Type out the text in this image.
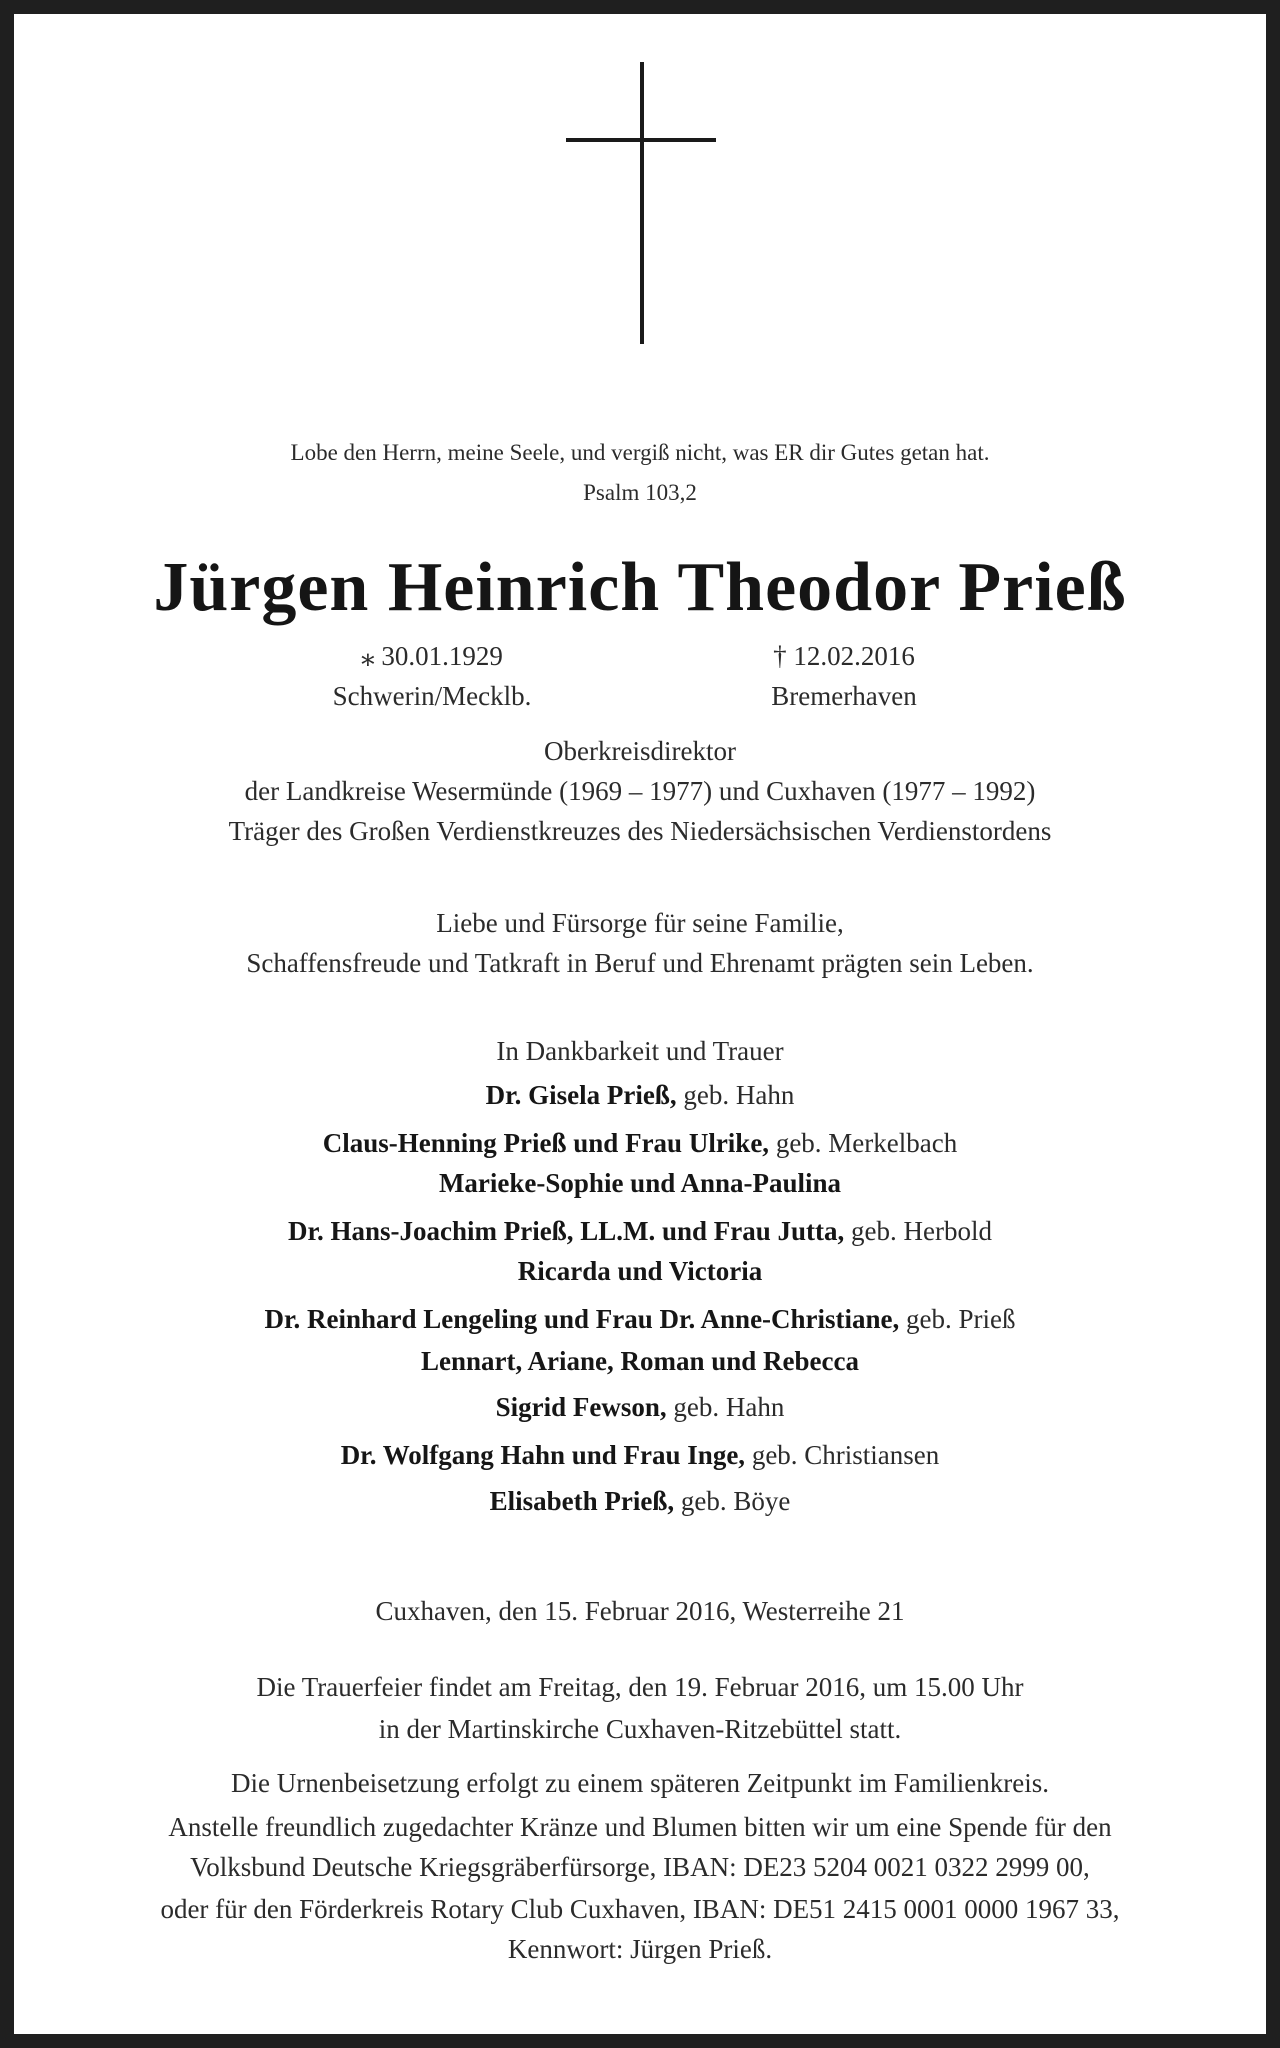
Lobe den Herrn, meine Seele, und vergiß nicht, was ER dir Gutes getan hat.
Psalm 103,2
Jürgen Heinrich Theodor Prieß
⁎ 30.01.1929
Schwerin/Mecklb.
† 12.02.2016
Bremerhaven
Oberkreisdirektor
der Landkreise Wesermünde (1969 – 1977) und Cuxhaven (1977 – 1992)
Träger des Großen Verdienstkreuzes des Niedersächsischen Verdienstordens
Liebe und Fürsorge für seine Familie,
Schaffensfreude und Tatkraft in Beruf und Ehrenamt prägten sein Leben.
In Dankbarkeit und Trauer
Dr. Gisela Prieß, geb. Hahn
Claus-Henning Prieß und Frau Ulrike, geb. Merkelbach
Marieke-Sophie und Anna-Paulina
Dr. Hans-Joachim Prieß, LL.M. und Frau Jutta, geb. Herbold
Ricarda und Victoria
Dr. Reinhard Lengeling und Frau Dr. Anne-Christiane, geb. Prieß
Lennart, Ariane, Roman und Rebecca
Sigrid Fewson, geb. Hahn
Dr. Wolfgang Hahn und Frau Inge, geb. Christiansen
Elisabeth Prieß, geb. Böye
Cuxhaven, den 15. Februar 2016, Westerreihe 21
Die Trauerfeier findet am Freitag, den 19. Februar 2016, um 15.00 Uhr
in der Martinskirche Cuxhaven-Ritzebüttel statt.
Die Urnenbeisetzung erfolgt zu einem späteren Zeitpunkt im Familienkreis.
Anstelle freundlich zugedachter Kränze und Blumen bitten wir um eine Spende für den
Volksbund Deutsche Kriegsgräberfürsorge, IBAN: DE23 5204 0021 0322 2999 00,
oder für den Förderkreis Rotary Club Cuxhaven, IBAN: DE51 2415 0001 0000 1967 33,
Kennwort: Jürgen Prieß.
